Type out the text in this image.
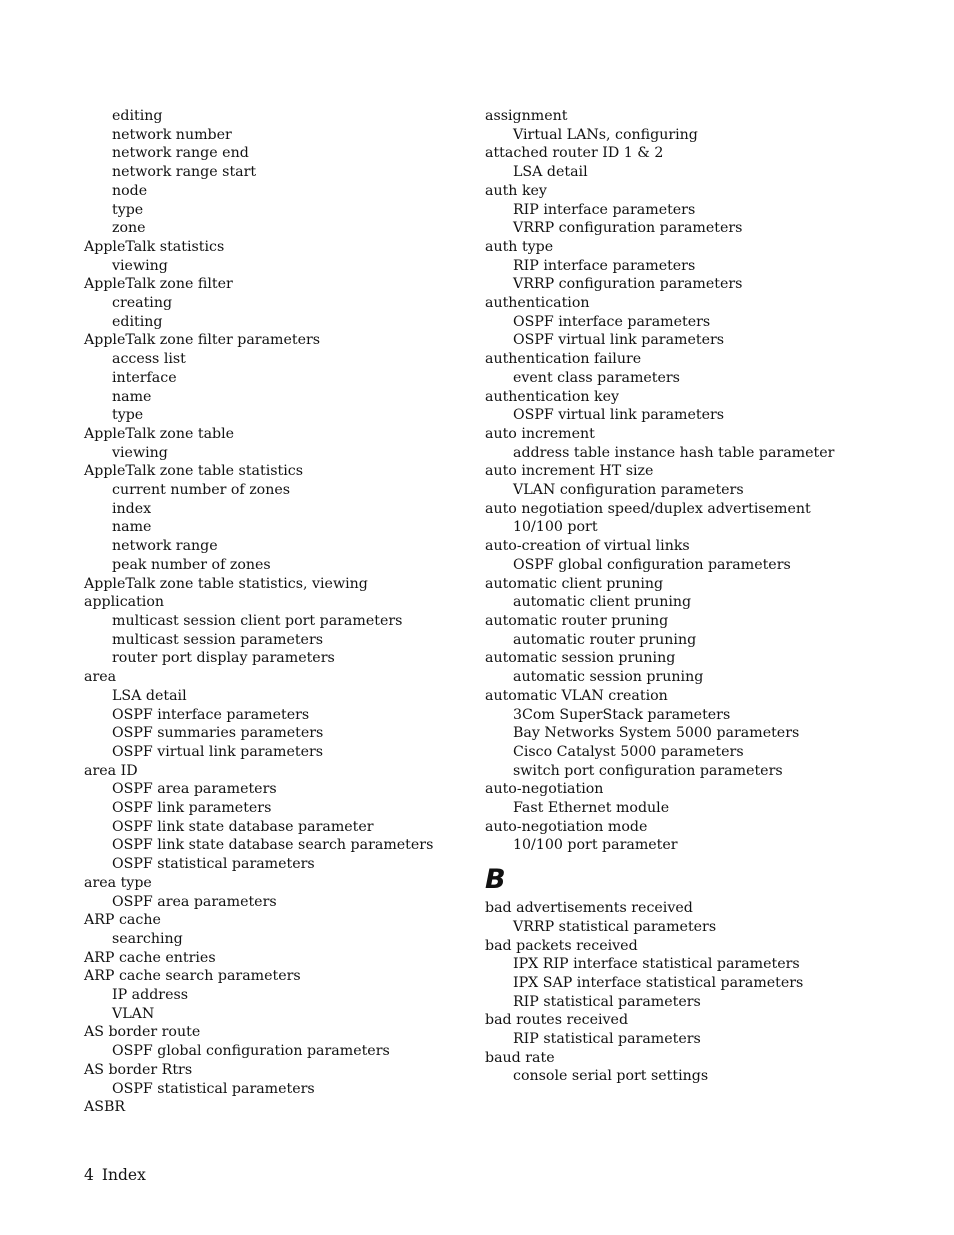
editing
network number
network range end
network range start
node
type
zone
AppleTalk statistics
viewing
AppleTalk zone filter
creating
editing
AppleTalk zone filter parameters
access list
interface
name
type
AppleTalk zone table
viewing
AppleTalk zone table statistics
current number of zones
index
name
network range
peak number of zones
AppleTalk zone table statistics, viewing
application
multicast session client port parameters
multicast session parameters
router port display parameters
area
LSA detail
OSPF interface parameters
OSPF summaries parameters
OSPF virtual link parameters
area ID
OSPF area parameters
OSPF link parameters
OSPF link state database parameter
OSPF link state database search parameters
OSPF statistical parameters
area type
OSPF area parameters
ARP cache
searching
ARP cache entries
ARP cache search parameters
IP address
VLAN
AS border route
OSPF global configuration parameters
AS border Rtrs
OSPF statistical parameters
ASBR
assignment
Virtual LANs, configuring
attached router ID 1 & 2
LSA detail
auth key
RIP interface parameters
VRRP configuration parameters
auth type
RIP interface parameters
VRRP configuration parameters
authentication
OSPF interface parameters
OSPF virtual link parameters
authentication failure
event class parameters
authentication key
OSPF virtual link parameters
auto increment
address table instance hash table parameter
auto increment HT size
VLAN configuration parameters
auto negotiation speed/duplex advertisement
10/100 port
auto-creation of virtual links
OSPF global configuration parameters
automatic client pruning
automatic client pruning
automatic router pruning
automatic router pruning
automatic session pruning
automatic session pruning
automatic VLAN creation
3Com SuperStack parameters
Bay Networks System 5000 parameters
Cisco Catalyst 5000 parameters
switch port configuration parameters
auto-negotiation
Fast Ethernet module
auto-negotiation mode
10/100 port parameter
B
bad advertisements received
VRRP statistical parameters
bad packets received
IPX RIP interface statistical parameters
IPX SAP interface statistical parameters
RIP statistical parameters
bad routes received
RIP statistical parameters
baud rate
console serial port settings
4 Index
